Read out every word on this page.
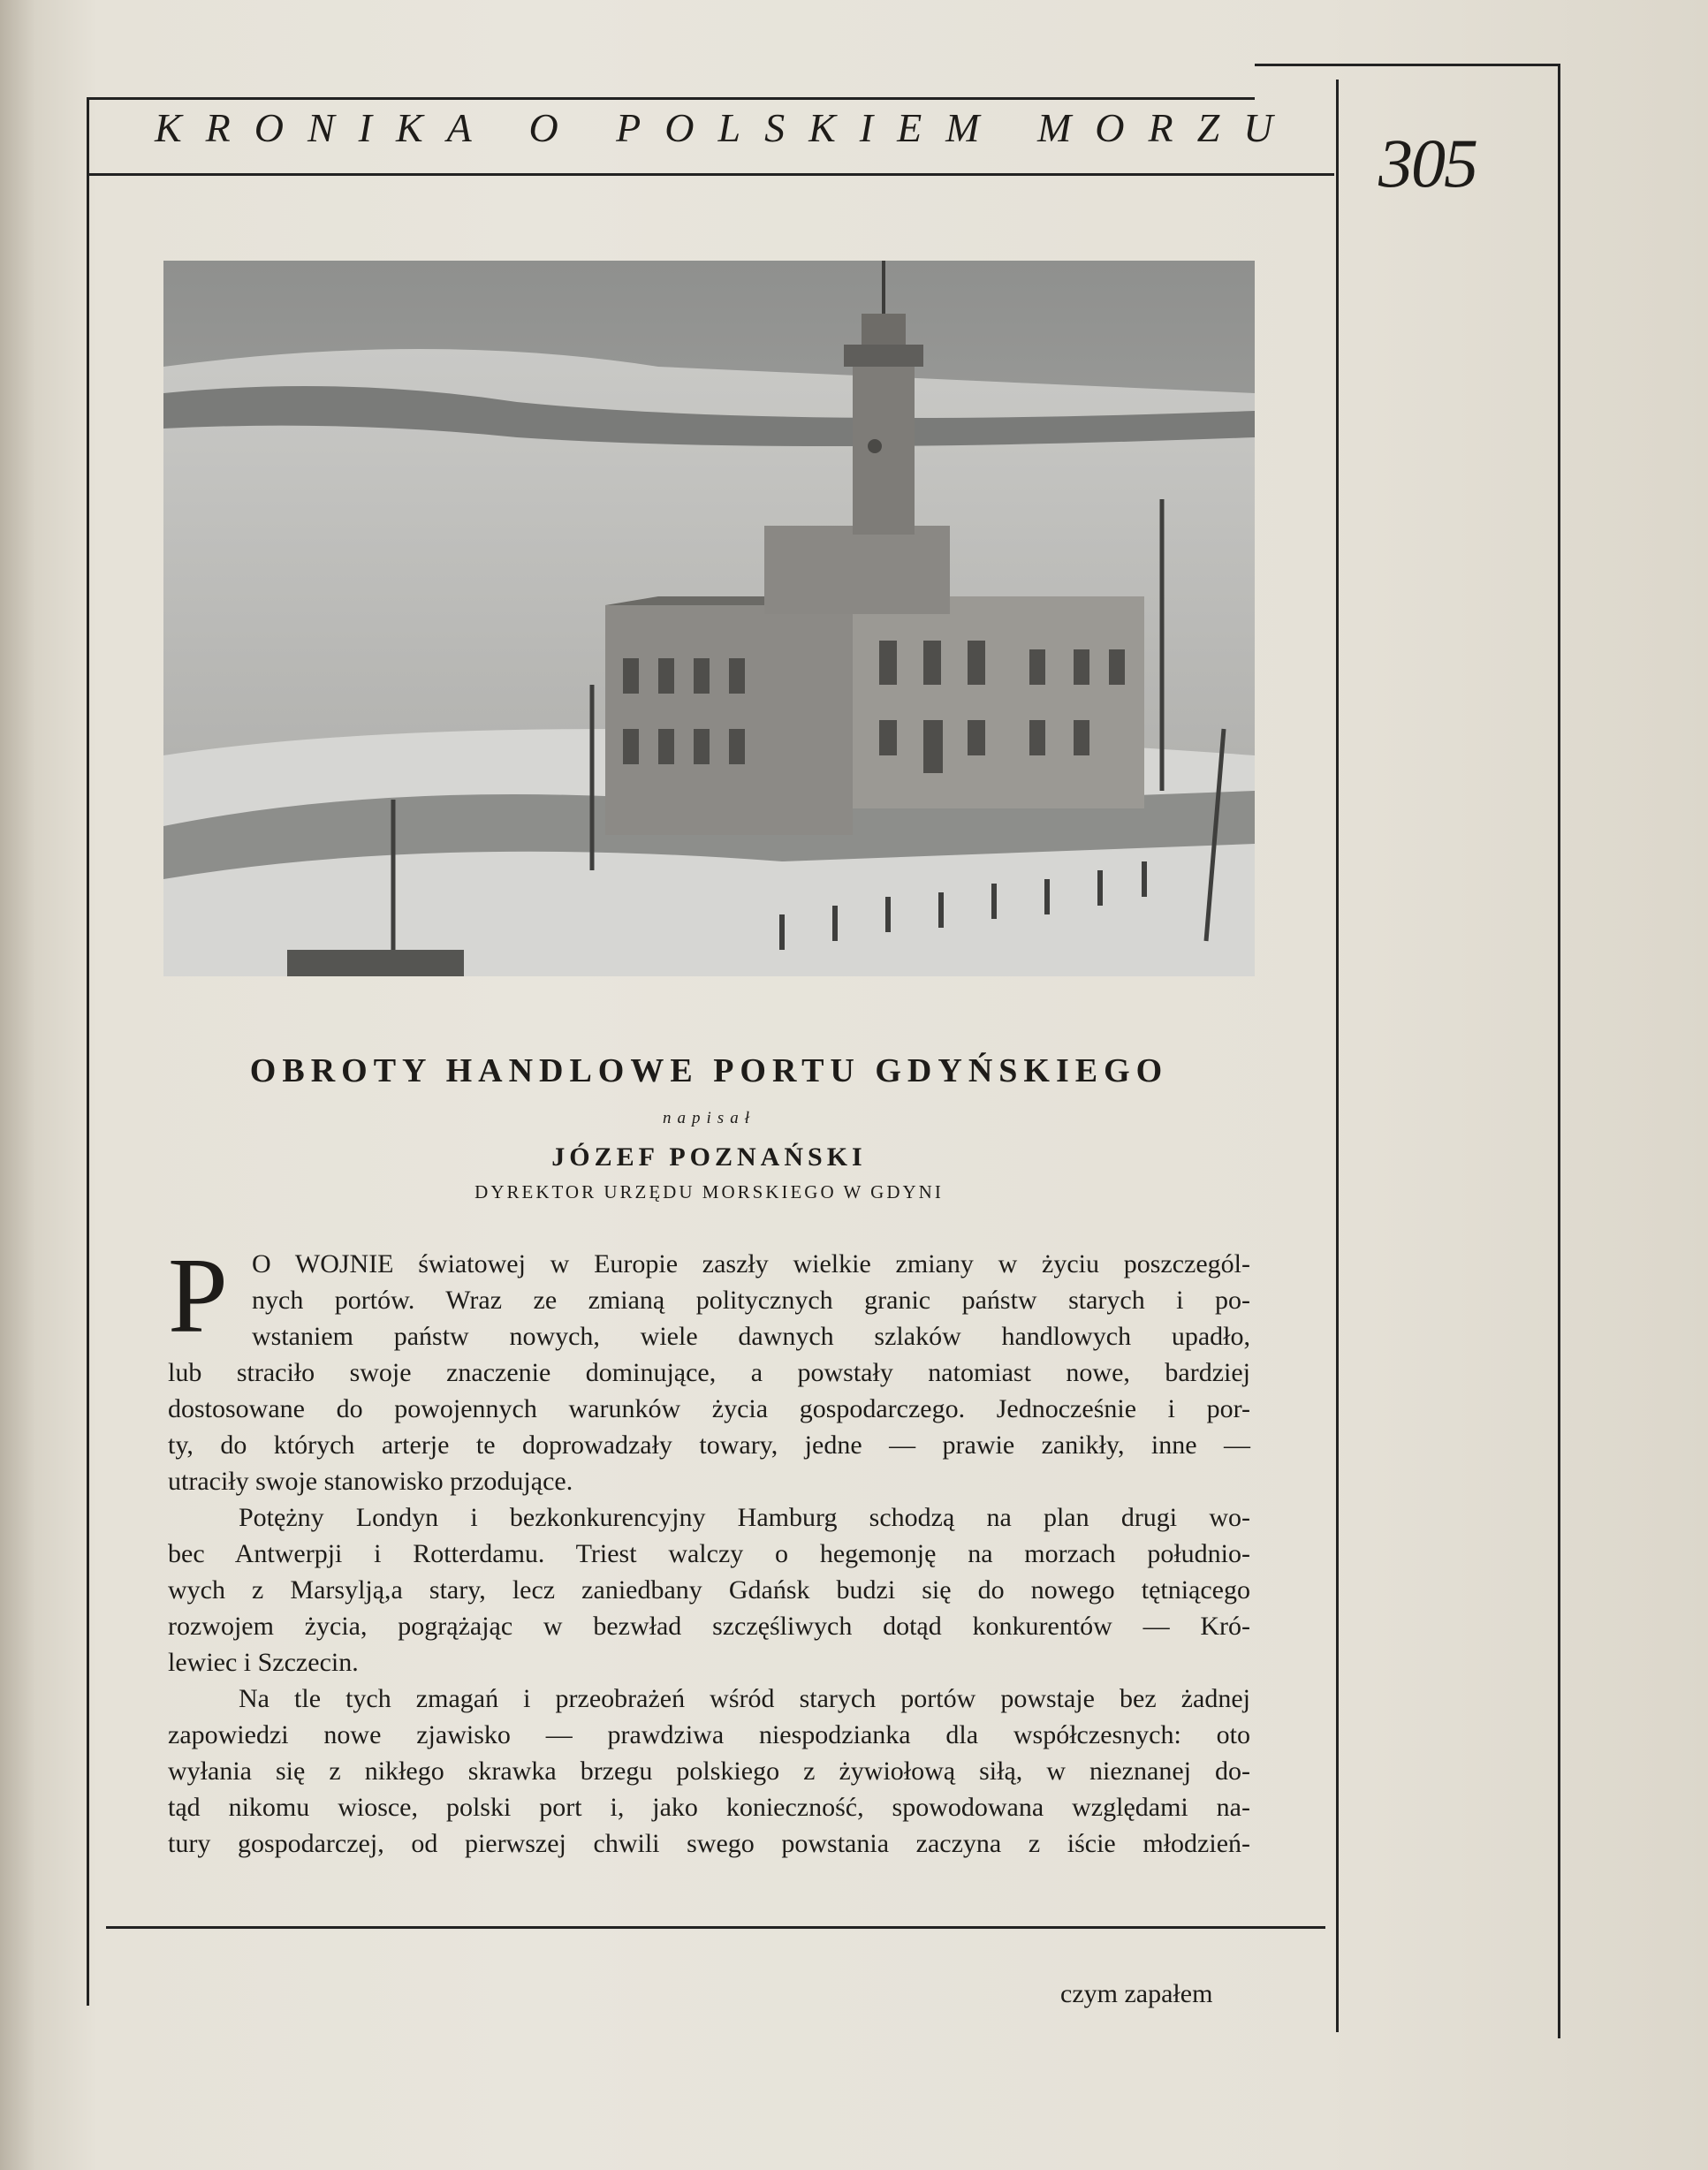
KRONIKA O POLSKIEM MORZU 305
OBROTY HANDLOWE PORTU GDYŃSKIEGO
napisał
JÓZEF POZNAŃSKI
DYREKTOR URZĘDU MORSKIEGO W GDYNI
P O WOJNIE światowej w Europie zaszły wielkie zmiany w życiu poszczegól-
nych portów. Wraz ze zmianą politycznych granic państw starych i po-
wstaniem państw nowych, wiele dawnych szlaków handlowych upadło,
lub straciło swoje znaczenie dominujące, a powstały natomiast nowe, bardziej
dostosowane do powojennych warunków życia gospodarczego. Jednocześnie i por-
ty, do których arterje te doprowadzały towary, jedne — prawie zanikły, inne —
utraciły swoje stanowisko przodujące.
Potężny Londyn i bezkonkurencyjny Hamburg schodzą na plan drugi wo-
bec Antwerpji i Rotterdamu. Triest walczy o hegemonję na morzach południo-
wych z Marsylją,a stary, lecz zaniedbany Gdańsk budzi się do nowego tętniącego
rozwojem życia, pogrążając w bezwład szczęśliwych dotąd konkurentów — Kró-
lewiec i Szczecin.
Na tle tych zmagań i przeobrażeń wśród starych portów powstaje bez żadnej
zapowiedzi nowe zjawisko — prawdziwa niespodzianka dla współczesnych: oto
wyłania się z nikłego skrawka brzegu polskiego z żywiołową siłą, w nieznanej do-
tąd nikomu wiosce, polski port i, jako konieczność, spowodowana względami na-
tury gospodarczej, od pierwszej chwili swego powstania zaczyna z iście młodzień-
czym zapałem
